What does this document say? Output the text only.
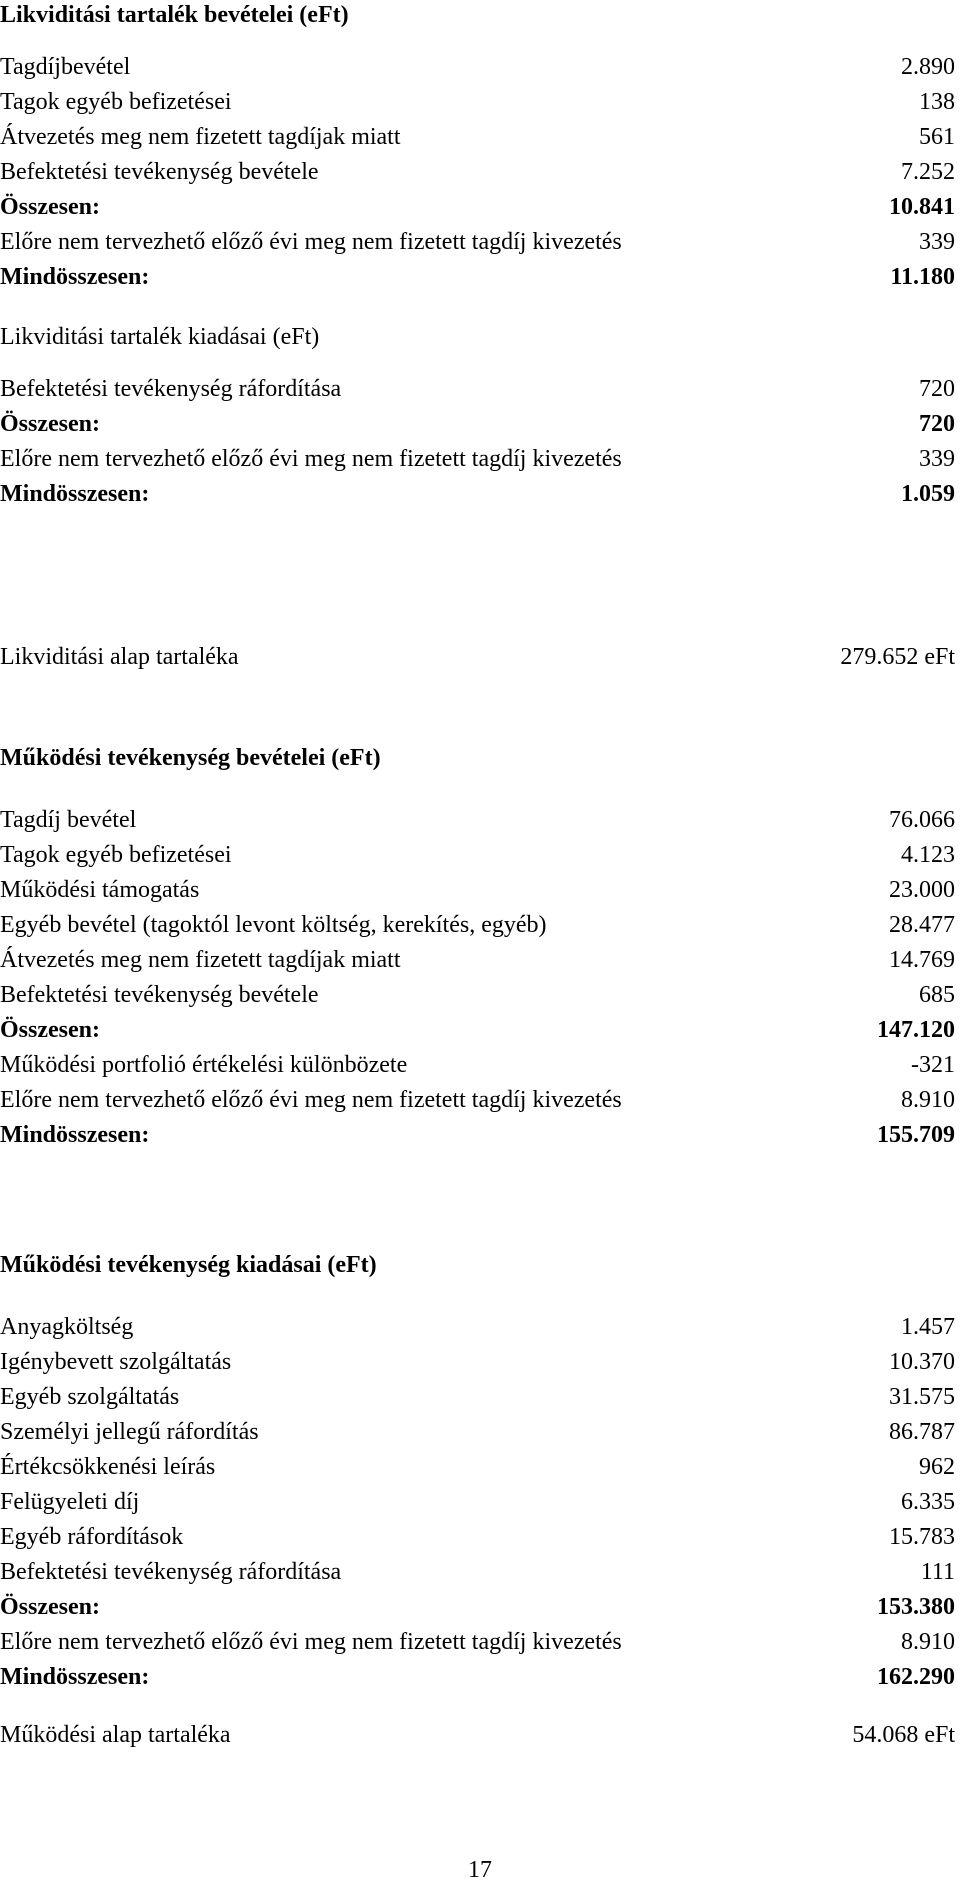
Likviditási tartalék bevételei (eFt)
Tagdíjbevétel	2.890
Tagok egyéb befizetései	138
Átvezetés meg nem fizetett tagdíjak miatt	561
Befektetési tevékenység bevétele	7.252
Összesen:	10.841
Előre nem tervezhető előző évi meg nem fizetett tagdíj kivezetés	339
Mindösszesen:	11.180
Likviditási tartalék kiadásai (eFt)
Befektetési tevékenység ráfordítása	720
Összesen:	720
Előre nem tervezhető előző évi meg nem fizetett tagdíj kivezetés	339
Mindösszesen:	1.059
Likviditási alap tartaléka	279.652 eFt
Működési tevékenység bevételei (eFt)
Tagdíj bevétel	76.066
Tagok egyéb befizetései	4.123
Működési támogatás	23.000
Egyéb bevétel (tagoktól levont költség, kerekítés, egyéb)	28.477
Átvezetés meg nem fizetett tagdíjak miatt	14.769
Befektetési tevékenység bevétele	685
Összesen:	147.120
Működési portfolió értékelési különbözete	-321
Előre nem tervezhető előző évi meg nem fizetett tagdíj kivezetés	8.910
Mindösszesen:	155.709
Működési tevékenység kiadásai (eFt)
Anyagköltség	1.457
Igénybevett szolgáltatás	10.370
Egyéb szolgáltatás	31.575
Személyi jellegű ráfordítás	86.787
Értékcsökkenési leírás	962
Felügyeleti díj	6.335
Egyéb ráfordítások	15.783
Befektetési tevékenység ráfordítása	111
Összesen:	153.380
Előre nem tervezhető előző évi meg nem fizetett tagdíj kivezetés	8.910
Mindösszesen:	162.290
Működési alap tartaléka	54.068 eFt
17
